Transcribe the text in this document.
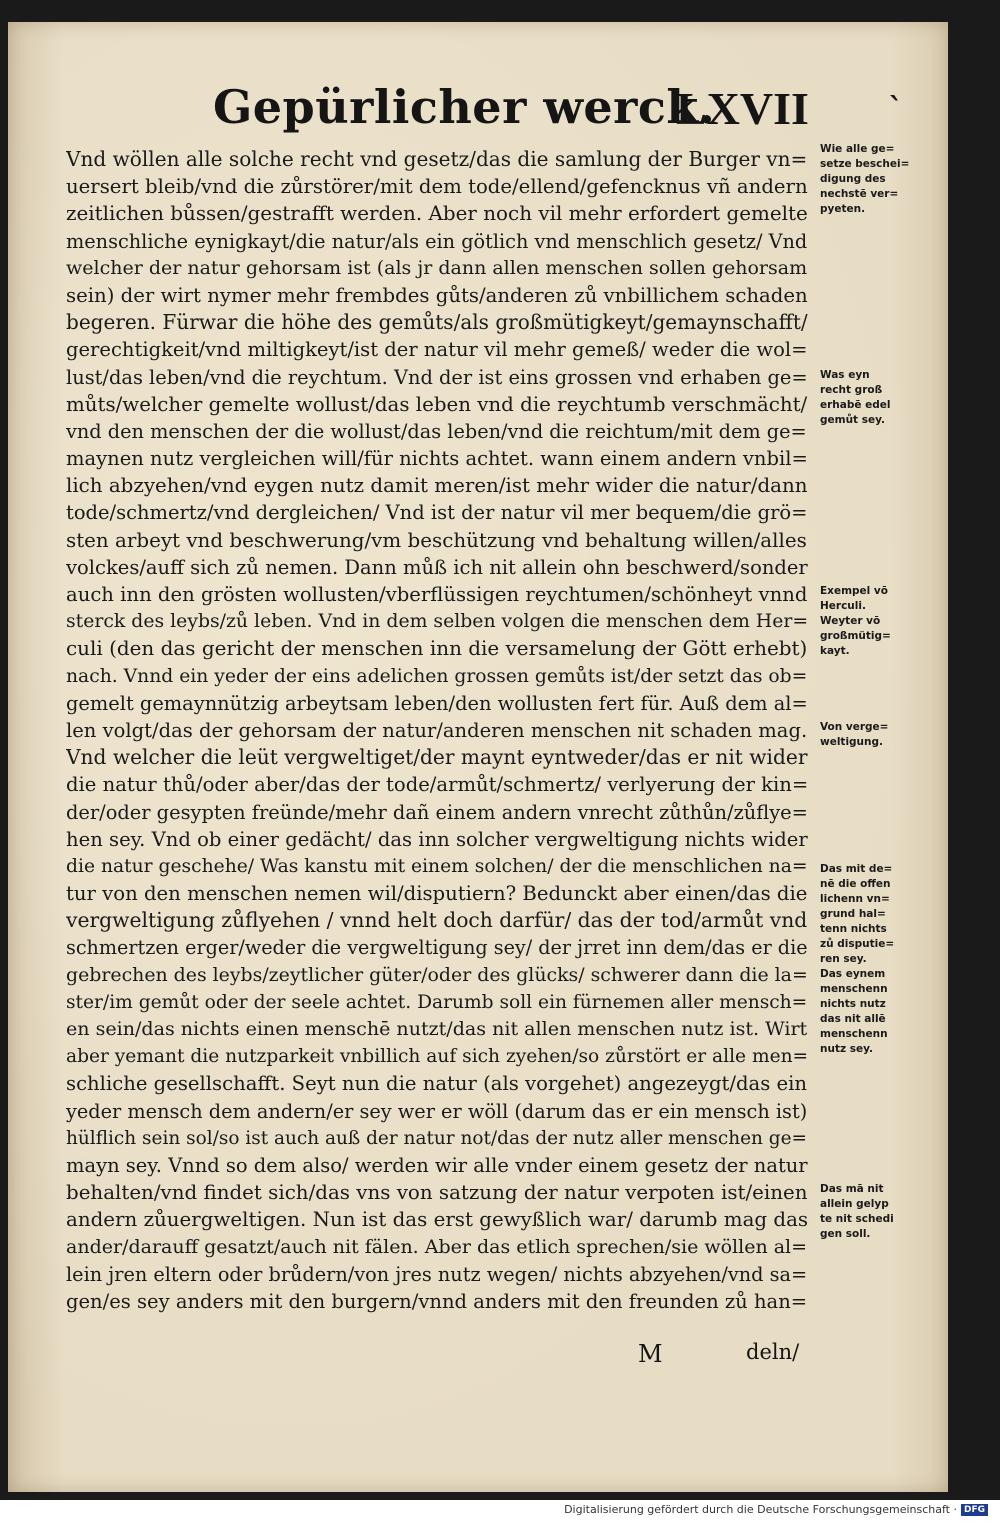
Gepürlicher werck.
LXVII	`
Vnd wöllen alle solche recht vnd gesetz/das die samlung der Burger vn=
uersert bleib/vnd die zůrstörer/mit dem tode/ellend/gefencknus vñ andern
zeitlichen bůssen/gestrafft werden. Aber noch vil mehr erfordert gemelte
menschliche eynigkayt/die natur/als ein götlich vnd menschlich gesetz/ Vnd
welcher der natur gehorsam ist (als jr dann allen menschen sollen gehorsam
sein) der wirt nymer mehr frembdes gůts/anderen zů vnbillichem schaden
begeren. Fürwar die höhe des gemůts/als großmütigkeyt/gemaynschafft/
gerechtigkeit/vnd miltigkeyt/ist der natur vil mehr gemeß/ weder die wol=
lust/das leben/vnd die reychtum. Vnd der ist eins grossen vnd erhaben ge=
můts/welcher gemelte wollust/das leben vnd die reychtumb verschmächt/
vnd den menschen der die wollust/das leben/vnd die reichtum/mit dem ge=
maynen nutz vergleichen will/für nichts achtet. wann einem andern vnbil=
lich abzyehen/vnd eygen nutz damit meren/ist mehr wider die natur/dann
tode/schmertz/vnd dergleichen/ Vnd ist der natur vil mer bequem/die grö=
sten arbeyt vnd beschwerung/vm beschützung vnd behaltung willen/alles
volckes/auff sich zů nemen. Dann můß ich nit allein ohn beschwerd/sonder
auch inn den grösten wollusten/vberflüssigen reychtumen/schönheyt vnnd
sterck des leybs/zů leben. Vnd in dem selben volgen die menschen dem Her=
culi (den das gericht der menschen inn die versamelung der Gött erhebt)
nach. Vnnd ein yeder der eins adelichen grossen gemůts ist/der setzt das ob=
gemelt gemaynnützig arbeytsam leben/den wollusten fert für. Auß dem al=
len volgt/das der gehorsam der natur/anderen menschen nit schaden mag.
Vnd welcher die leüt vergweltiget/der maynt eyntweder/das er nit wider
die natur thů/oder aber/das der tode/armůt/schmertz/ verlyerung der kin=
der/oder gesypten freünde/mehr dañ einem andern vnrecht zůthůn/zůflye=
hen sey. Vnd ob einer gedächt/ das inn solcher vergweltigung nichts wider
die natur geschehe/ Was kanstu mit einem solchen/ der die menschlichen na=
tur von den menschen nemen wil/disputiern? Bedunckt aber einen/das die
vergweltigung zůflyehen / vnnd helt doch darfür/ das der tod/armůt vnd
schmertzen erger/weder die vergweltigung sey/ der jrret inn dem/das er die
gebrechen des leybs/zeytlicher güter/oder des glücks/ schwerer dann die la=
ster/im gemůt oder der seele achtet. Darumb soll ein fürnemen aller mensch=
en sein/das nichts einen menschē nutzt/das nit allen menschen nutz ist. Wirt
aber yemant die nutzparkeit vnbillich auf sich zyehen/so zůrstört er alle men=
schliche gesellschafft. Seyt nun die natur (als vorgehet) angezeygt/das ein
yeder mensch dem andern/er sey wer er wöll (darum das er ein mensch ist)
hülflich sein sol/so ist auch auß der natur not/das der nutz aller menschen ge=
mayn sey. Vnnd so dem also/ werden wir alle vnder einem gesetz der natur
behalten/vnd findet sich/das vns von satzung der natur verpoten ist/einen
andern zůuergweltigen. Nun ist das erst gewyßlich war/ darumb mag das
ander/darauff gesatzt/auch nit fälen. Aber das etlich sprechen/sie wöllen al=
lein jren eltern oder brůdern/von jres nutz wegen/ nichts abzyehen/vnd sa=
gen/es sey anders mit den burgern/vnnd anders mit den freunden zů han=
Wie alle ge=
setze beschei=
digung des
nechstē ver=
pyeten.
Was eyn
recht groß
erhabē edel
gemůt sey.
Exempel vō
Herculi.
Weyter vō
großmütig=
kayt.
Von verge=
weltigung.
Das mit de=
nē die offen
lichenn vn=
grund hal=
tenn nichts
zů disputie=
ren sey.
Das eynem
menschenn
nichts nutz
das nit allē
menschenn
nutz sey.
Das mā nit
allein gelyp
te nit schedi
gen soll.
M	deln/
Digitalisierung gefördert durch die Deutsche Forschungsgemeinschaft · DFG
